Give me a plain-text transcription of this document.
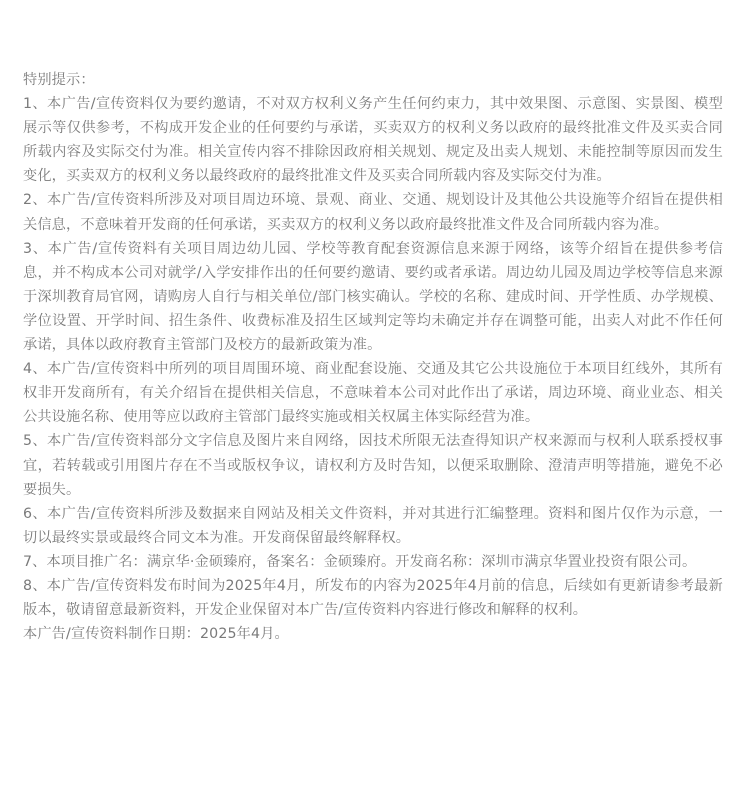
特别提示：

1、本广告/宣传资料仅为要约邀请，不对双方权利义务产生任何约束力，其中效果图、示意图、实景图、模型展示等仅供参考，不构成开发企业的任何要约与承诺，买卖双方的权利义务以政府的最终批准文件及买卖合同所载内容及实际交付为准。相关宣传内容不排除因政府相关规划、规定及出卖人规划、未能控制等原因而发生变化，买卖双方的权利义务以最终政府的最终批准文件及买卖合同所载内容及实际交付为准。

2、本广告/宣传资料所涉及对项目周边环境、景观、商业、交通、规划设计及其他公共设施等介绍旨在提供相关信息，不意味着开发商的任何承诺，买卖双方的权利义务以政府最终批准文件及合同所载内容为准。

3、本广告/宣传资料有关项目周边幼儿园、学校等教育配套资源信息来源于网络，该等介绍旨在提供参考信息，并不构成本公司对就学/入学安排作出的任何要约邀请、要约或者承诺。周边幼儿园及周边学校等信息来源于深圳教育局官网，请购房人自行与相关单位/部门核实确认。学校的名称、建成时间、开学性质、办学规模、学位设置、开学时间、招生条件、收费标准及招生区域判定等均未确定并存在调整可能，出卖人对此不作任何承诺，具体以政府教育主管部门及校方的最新政策为准。

4、本广告/宣传资料中所列的项目周围环境、商业配套设施、交通及其它公共设施位于本项目红线外，其所有权非开发商所有，有关介绍旨在提供相关信息，不意味着本公司对此作出了承诺，周边环境、商业业态、相关公共设施名称、使用等应以政府主管部门最终实施或相关权属主体实际经营为准。

5、本广告/宣传资料部分文字信息及图片来自网络，因技术所限无法查得知识产权来源而与权利人联系授权事宜，若转载或引用图片存在不当或版权争议，请权利方及时告知，以便采取删除、澄清声明等措施，避免不必要损失。

6、本广告/宣传资料所涉及数据来自网站及相关文件资料，并对其进行汇编整理。资料和图片仅作为示意，一切以最终实景或最终合同文本为准。开发商保留最终解释权。

7、本项目推广名：满京华·金硕臻府，备案名：金硕臻府。开发商名称：深圳市满京华置业投资有限公司。

8、本广告/宣传资料发布时间为2025年4月，所发布的内容为2025年4月前的信息，后续如有更新请参考最新版本，敬请留意最新资料，开发企业保留对本广告/宣传资料内容进行修改和解释的权利。

本广告/宣传资料制作日期：2025年4月。
